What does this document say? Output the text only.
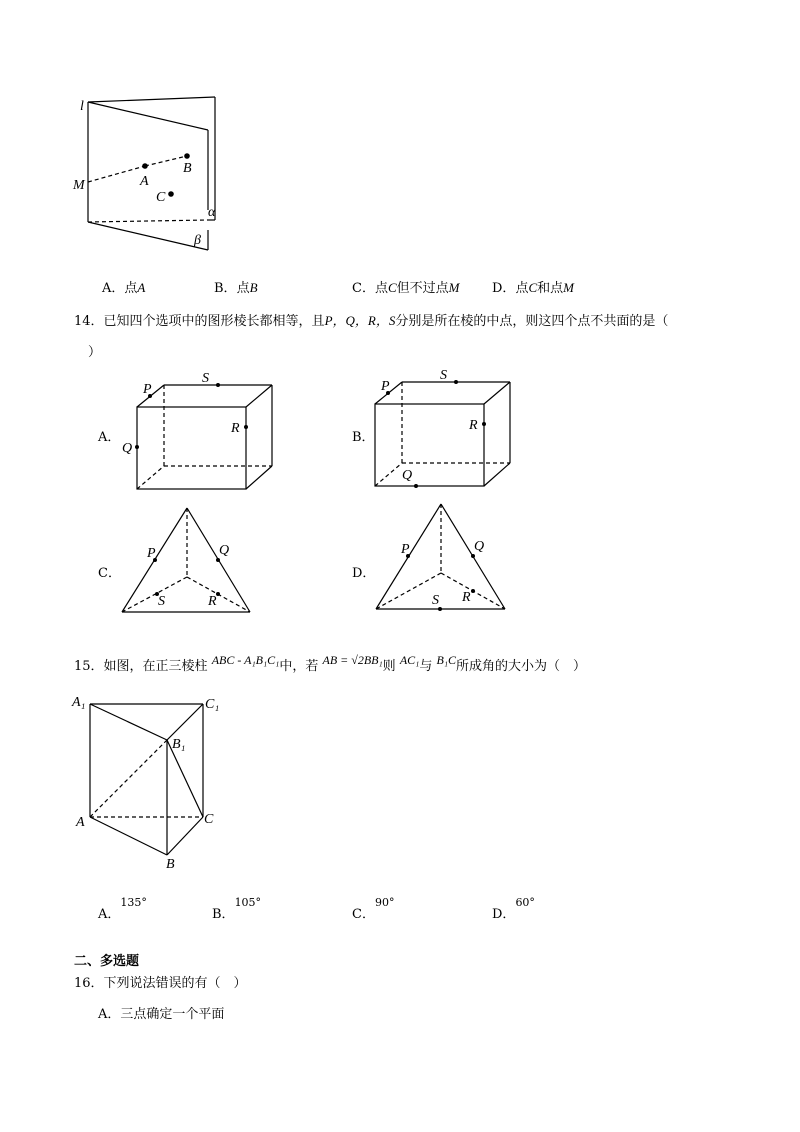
l
M	A
B
C
α
β
A．点A	B．点B	C．点C但不过点M	D．点C和点M
14．已知四个选项中的图形棱长都相等，且P，Q，R，S分别是所在棱的中点，则这四个点不共面的是（
）
A．	B．
C．	D．
P
S
R
Q
P
S
R
Q
P	Q
S	R
P	Q
S R
15．如图，在正三棱柱 ABC - A₁B₁C₁中，若 AB = √2BB₁则 AC₁与 B₁C所成角的大小为（　）
A₁	C₁
B₁
A	C
B
A．$^{135^\circ}$
B．$^{105^\circ}$
C．$^{90^\circ}$
D．$^{60^\circ}$
二、多选题
16．下列说法错误的有（　）
A．三点确定一个平面
